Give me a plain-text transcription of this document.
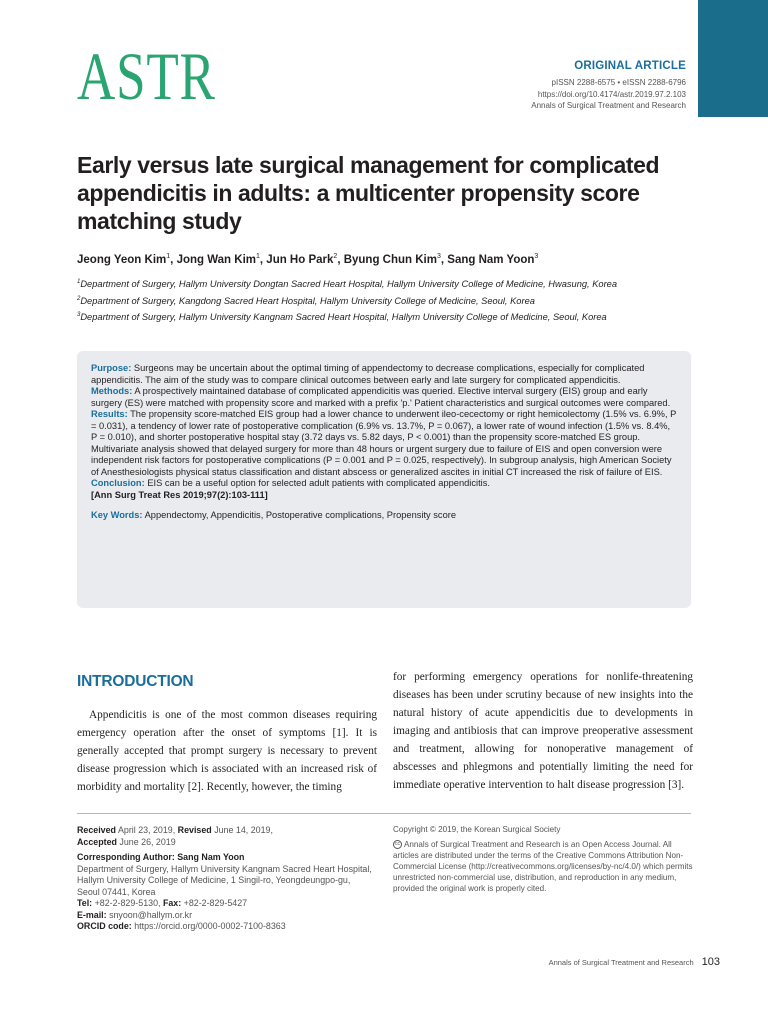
ASTR	ORIGINAL ARTICLE
pISSN 2288-6575 • eISSN 2288-6796
https://doi.org/10.4174/astr.2019.97.2.103
Annals of Surgical Treatment and Research
Early versus late surgical management for complicated appendicitis in adults: a multicenter propensity score matching study
Jeong Yeon Kim$^1$, Jong Wan Kim$^1$, Jun Ho Park$^2$, Byung Chun Kim$^3$, Sang Nam Yoon$^3$
$^1$Department of Surgery, Hallym University Dongtan Sacred Heart Hospital, Hallym University College of Medicine, Hwasung, Korea
$^2$Department of Surgery, Kangdong Sacred Heart Hospital, Hallym University College of Medicine, Seoul, Korea
$^3$Department of Surgery, Hallym University Kangnam Sacred Heart Hospital, Hallym University College of Medicine, Seoul, Korea

Purpose: Surgeons may be uncertain about the optimal timing of appendectomy to decrease complications, especially for complicated appendicitis. The aim of the study was to compare clinical outcomes between early and late surgery for complicated appendicitis.

Methods: A prospectively maintained database of complicated appendicitis was queried. Elective interval surgery (EIS) group and early surgery (ES) were matched with propensity score and marked with a prefix 'p.' Patient characteristics and surgical outcomes were compared.

Results: The propensity score-matched EIS group had a lower chance to underwent ileo-cecectomy or right hemicolectomy (1.5% vs. 6.9%, P = 0.031), a tendency of lower rate of postoperative complication (6.9% vs. 13.7%, P = 0.067), a lower rate of wound infection (1.5% vs. 8.4%, P = 0.010), and shorter postoperative hospital stay (3.72 days vs. 5.82 days, P < 0.001) than the propensity score-matched ES group. Multivariate analysis showed that delayed surgery for more than 48 hours or urgent surgery due to failure of EIS and open conversion were independent risk factors for postoperative complications (P = 0.001 and P = 0.025, respectively). In subgroup analysis, high American Society of Anesthesiologists physical status classification and distant abscess or generalized ascites in initial CT increased the risk of failure of EIS.

Conclusion: EIS can be a useful option for selected adult patients with complicated appendicitis.

[Ann Surg Treat Res 2019;97(2):103-111]

Key Words: Appendectomy, Appendicitis, Postoperative complications, Propensity score

INTRODUCTION

Appendicitis is one of the most common diseases requiring emergency operation after the onset of symptoms [1]. It is generally accepted that prompt surgery is necessary to prevent disease progression which is associated with an increased risk of morbidity and mortality [2]. Recently, however, the timing

for performing emergency operations for nonlife-threatening diseases has been under scrutiny because of new insights into the natural history of acute appendicitis due to developments in imaging and antibiosis that can improve preoperative assessment and treatment, allowing for nonoperative management of abscesses and phlegmons and potentially limiting the need for immediate operative intervention to halt disease progression [3].

Received April 23, 2019, Revised June 14, 2019,
Accepted June 26, 2019
Corresponding Author: Sang Nam Yoon
Department of Surgery, Hallym University Kangnam Sacred Heart Hospital,
Hallym University College of Medicine, 1 Singil-ro, Yeongdeungpo-gu,
Seoul 07441, Korea
Tel: +82-2-829-5130, Fax: +82-2-829-5427
E-mail: snyoon@hallym.or.kr
ORCID code: https://orcid.org/0000-0002-7100-8363
Copyright © 2019, the Korean Surgical Society
cc Annals of Surgical Treatment and Research is an Open Access Journal. All articles are distributed under the terms of the Creative Commons Attribution Non-Commercial License (http://creativecommons.org/licenses/by-nc/4.0/) which permits unrestricted non-commercial use, distribution, and reproduction in any medium, provided the original work is properly cited.
Annals of Surgical Treatment and Research 103
